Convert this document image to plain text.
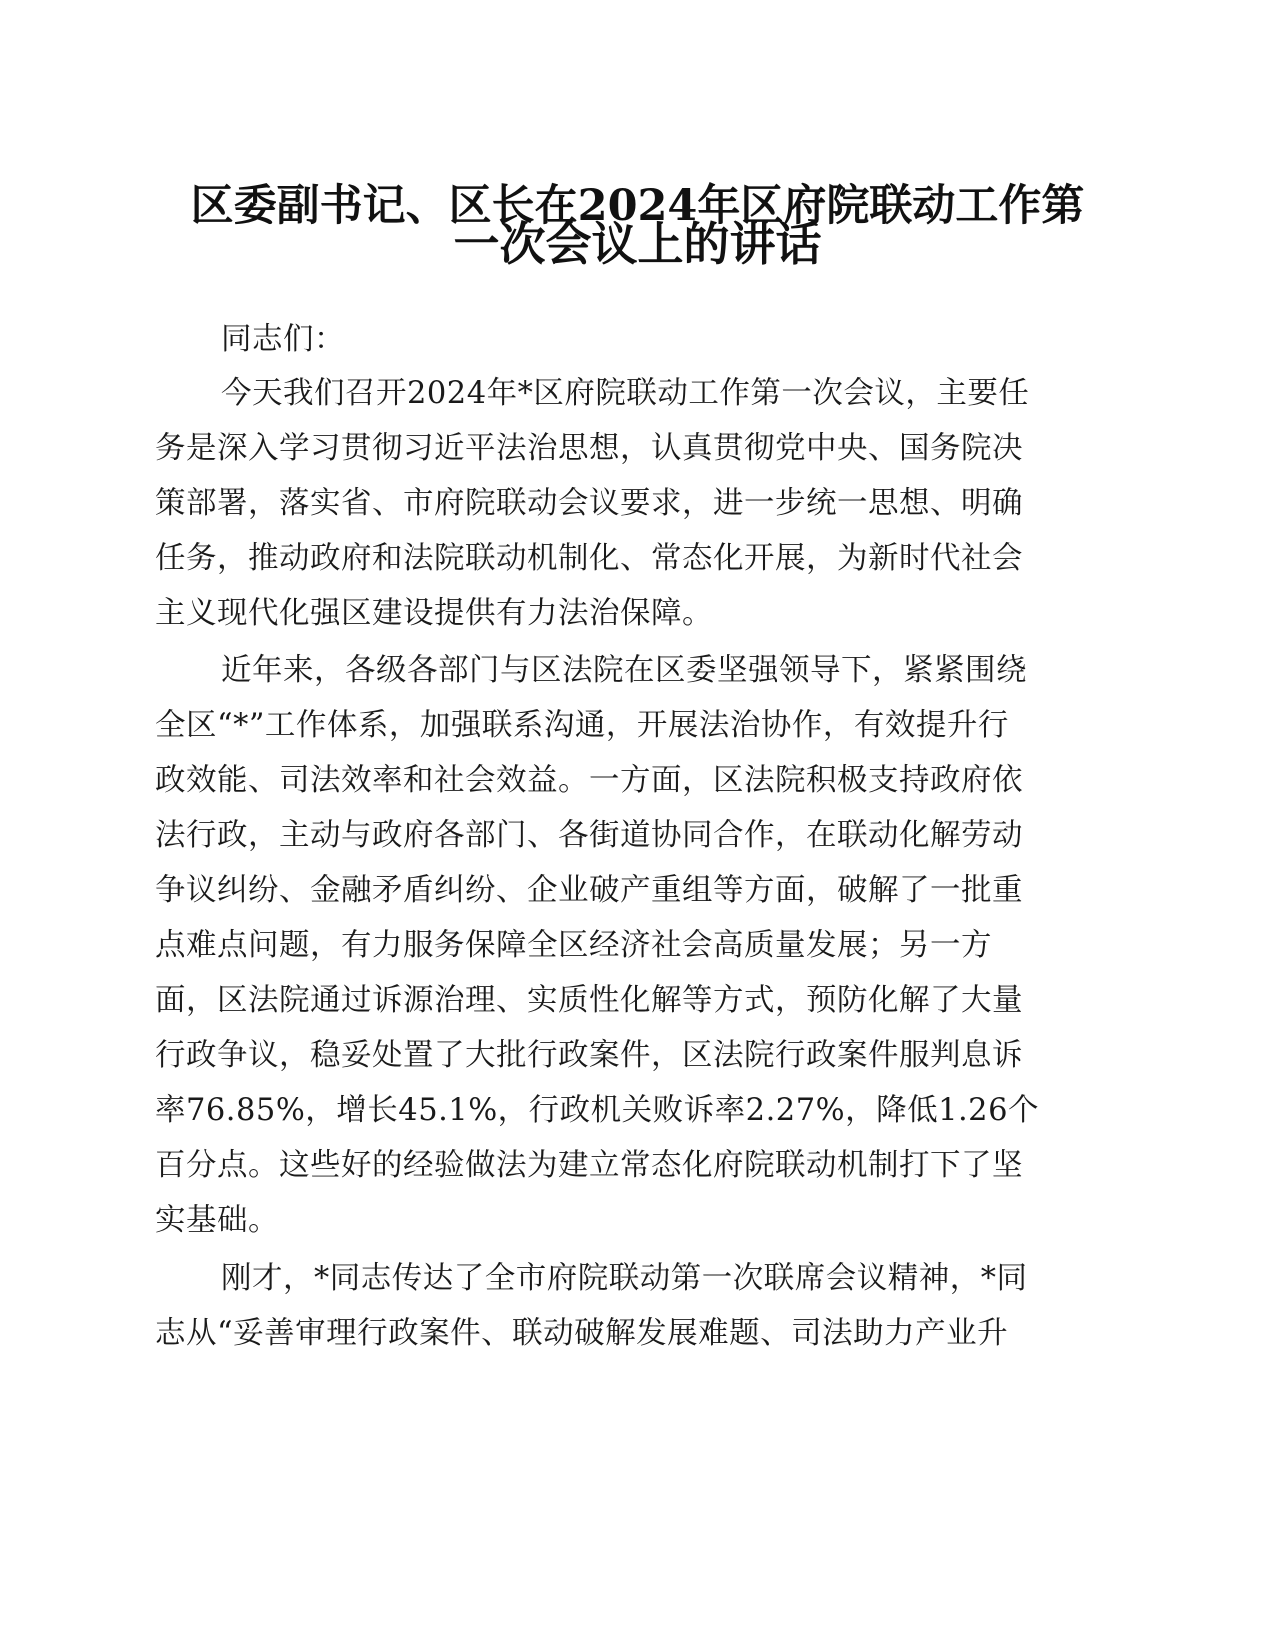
区委副书记、区长在2024年区府院联动工作第
一次会议上的讲话
同志们：
今天我们召开2024年*区府院联动工作第一次会议，主要任
务是深入学习贯彻习近平法治思想，认真贯彻党中央、国务院决
策部署，落实省、市府院联动会议要求，进一步统一思想、明确
任务，推动政府和法院联动机制化、常态化开展，为新时代社会
主义现代化强区建设提供有力法治保障。
近年来，各级各部门与区法院在区委坚强领导下，紧紧围绕
全区“*”工作体系，加强联系沟通，开展法治协作，有效提升行
政效能、司法效率和社会效益。一方面，区法院积极支持政府依
法行政，主动与政府各部门、各街道协同合作，在联动化解劳动
争议纠纷、金融矛盾纠纷、企业破产重组等方面，破解了一批重
点难点问题，有力服务保障全区经济社会高质量发展；另一方
面，区法院通过诉源治理、实质性化解等方式，预防化解了大量
行政争议，稳妥处置了大批行政案件，区法院行政案件服判息诉
率76.85%，增长45.1%，行政机关败诉率2.27%，降低1.26个
百分点。这些好的经验做法为建立常态化府院联动机制打下了坚
实基础。
刚才，*同志传达了全市府院联动第一次联席会议精神，*同
志从“妥善审理行政案件、联动破解发展难题、司法助力产业升
